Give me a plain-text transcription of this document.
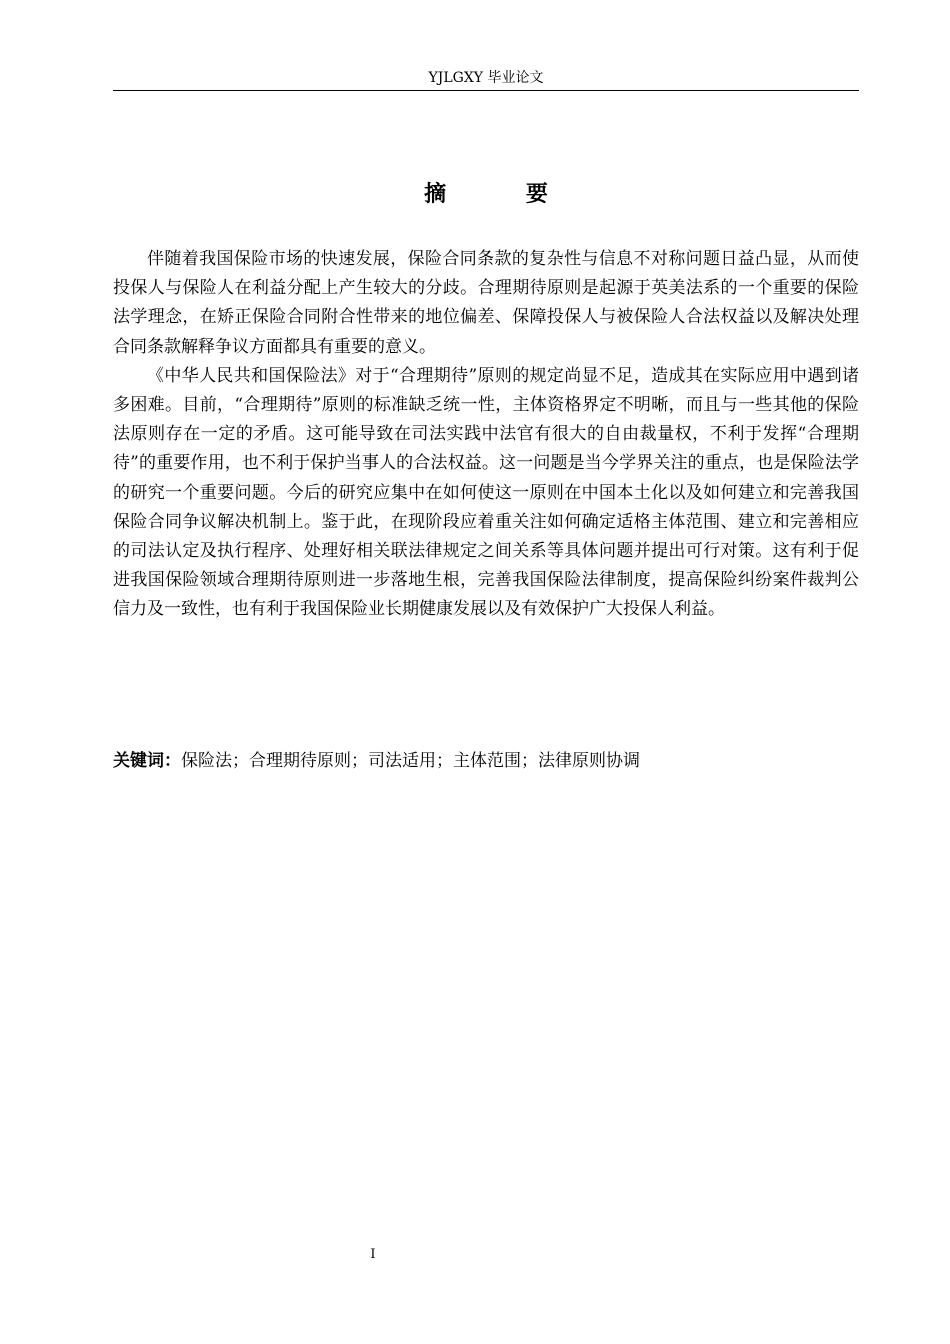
YJLGXY 毕业论文
摘 要

伴随着我国保险市场的快速发展，保险合同条款的复杂性与信息不对称问题日益凸显，从而使投保人与保险人在利益分配上产生较大的分歧。合理期待原则是起源于英美法系的一个重要的保险法学理念，在矫正保险合同附合性带来的地位偏差、保障投保人与被保险人合法权益以及解决处理合同条款解释争议方面都具有重要的意义。

《中华人民共和国保险法》对于“合理期待”原则的规定尚显不足，造成其在实际应用中遇到诸多困难。目前，“合理期待”原则的标准缺乏统一性，主体资格界定不明晰，而且与一些其他的保险法原则存在一定的矛盾。这可能导致在司法实践中法官有很大的自由裁量权，不利于发挥“合理期待”的重要作用，也不利于保护当事人的合法权益。这一问题是当今学界关注的重点，也是保险法学的研究一个重要问题。今后的研究应集中在如何使这一原则在中国本土化以及如何建立和完善我国保险合同争议解决机制上。鉴于此，在现阶段应着重关注如何确定适格主体范围、建立和完善相应的司法认定及执行程序、处理好相关联法律规定之间关系等具体问题并提出可行对策。这有利于促进我国保险领域合理期待原则进一步落地生根，完善我国保险法律制度，提高保险纠纷案件裁判公信力及一致性，也有利于我国保险业长期健康发展以及有效保护广大投保人利益。

关键词：保险法；合理期待原则；司法适用；主体范围；法律原则协调
I
